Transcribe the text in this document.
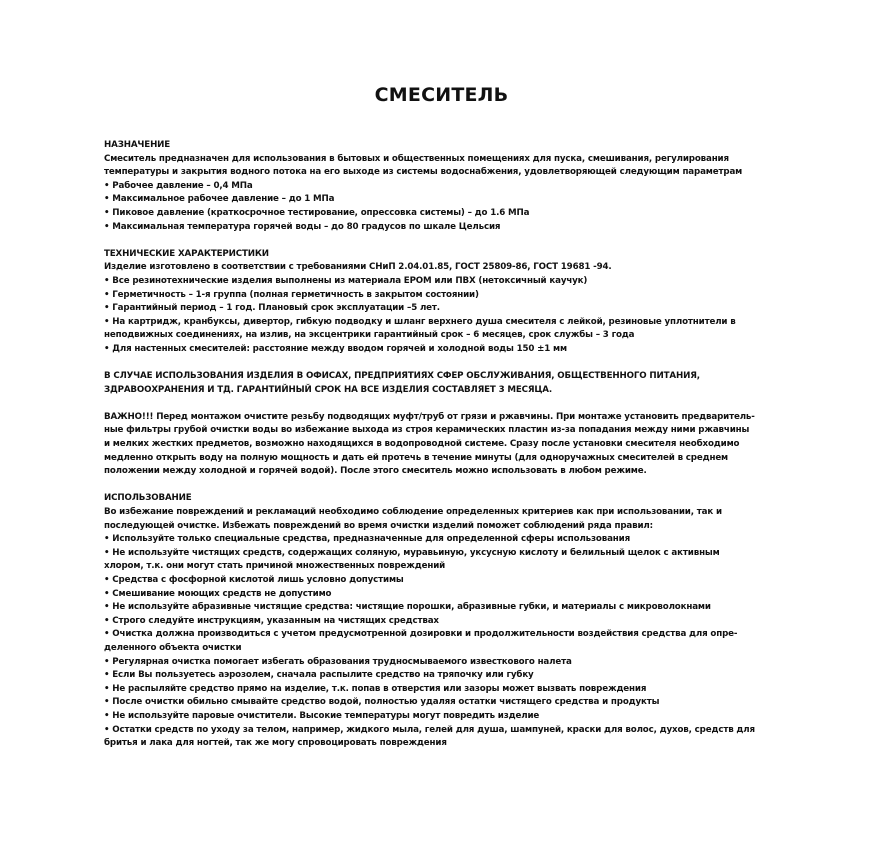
СМЕСИТЕЛЬ
НАЗНАЧЕНИЕ
Смеситель предназначен для использования в бытовых и общественных помещениях для пуска, смешивания, регулирования
температуры и закрытия водного потока на его выходе из системы водоснабжения, удовлетворяющей следующим параметрам
• Рабочее давление – 0,4 МПа
• Максимальное рабочее давление – до 1 МПа
• Пиковое давление (краткосрочное тестирование, опрессовка системы) – до 1.6 МПа
• Максимальная температура горячей воды – до 80 градусов по шкале Цельсия
ТЕХНИЧЕСКИЕ ХАРАКТЕРИСТИКИ
Изделие изготовлено в соответствии с требованиями СНиП 2.04.01.85, ГОСТ 25809-86, ГОСТ 19681 -94.
• Все резинотехнические изделия выполнены из материала EPOM или ПВХ (нетоксичный каучук)
• Герметичность – 1-я группа (полная герметичность в закрытом состоянии)
• Гарантийный период – 1 год. Плановый срок эксплуатации –5 лет.
• На картридж, кранбуксы, дивертор, гибкую подводку и шланг верхнего душа смесителя с лейкой, резиновые уплотнители в
неподвижных соединениях, на излив, на эксцентрики гарантийный срок – 6 месяцев, срок службы – 3 года
• Для настенных смесителей: расстояние между вводом горячей и холодной воды 150 ±1 мм
В СЛУЧАЕ ИСПОЛЬЗОВАНИЯ ИЗДЕЛИЯ В ОФИСАХ, ПРЕДПРИЯТИЯХ СФЕР ОБСЛУЖИВАНИЯ, ОБЩЕСТВЕННОГО ПИТАНИЯ,
ЗДРАВООХРАНЕНИЯ И ТД. ГАРАНТИЙНЫЙ СРОК НА ВСЕ ИЗДЕЛИЯ СОСТАВЛЯЕТ 3 МЕСЯЦА.
ВАЖНО!!! Перед монтажом очистите резьбу подводящих муфт/труб от грязи и ржавчины. При монтаже установить предваритель-
ные фильтры грубой очистки воды во избежание выхода из строя керамических пластин из-за попадания между ними ржавчины
и мелких жестких предметов, возможно находящихся в водопроводной системе. Сразу после установки смесителя необходимо
медленно открыть воду на полную мощность и дать ей протечь в течение минуты (для одноручажных смесителей в среднем
положении между холодной и горячей водой). После этого смеситель можно использовать в любом режиме.
ИСПОЛЬЗОВАНИЕ
Во избежание повреждений и рекламаций необходимо соблюдение определенных критериев как при использовании, так и
последующей очистке. Избежать повреждений во время очистки изделий поможет соблюдений ряда правил:
• Используйте только специальные средства, предназначенные для определенной сферы использования
• Не используйте чистящих средств, содержащих соляную, муравьиную, уксусную кислоту и белильный щелок с активным
хлором, т.к. они могут стать причиной множественных повреждений
• Средства с фосфорной кислотой лишь условно допустимы
• Смешивание моющих средств не допустимо
• Не используйте абразивные чистящие средства: чистящие порошки, абразивные губки, и материалы с микроволокнами
• Строго следуйте инструкциям, указанным на чистящих средствах
• Очистка должна производиться с учетом предусмотренной дозировки и продолжительности воздействия средства для опре-
деленного объекта очистки
• Регулярная очистка помогает избегать образования трудносмываемого известкового налета
• Если Вы пользуетесь аэрозолем, сначала распылите средство на тряпочку или губку
• Не распыляйте средство прямо на изделие, т.к. попав в отверстия или зазоры может вызвать повреждения
• После очистки обильно смывайте средство водой, полностью удаляя остатки чистящего средства и продукты
• Не используйте паровые очистители. Высокие температуры могут повредить изделие
• Остатки средств по уходу за телом, например, жидкого мыла, гелей для душа, шампуней, краски для волос, духов, средств для
бритья и лака для ногтей, так же могу спровоцировать повреждения
